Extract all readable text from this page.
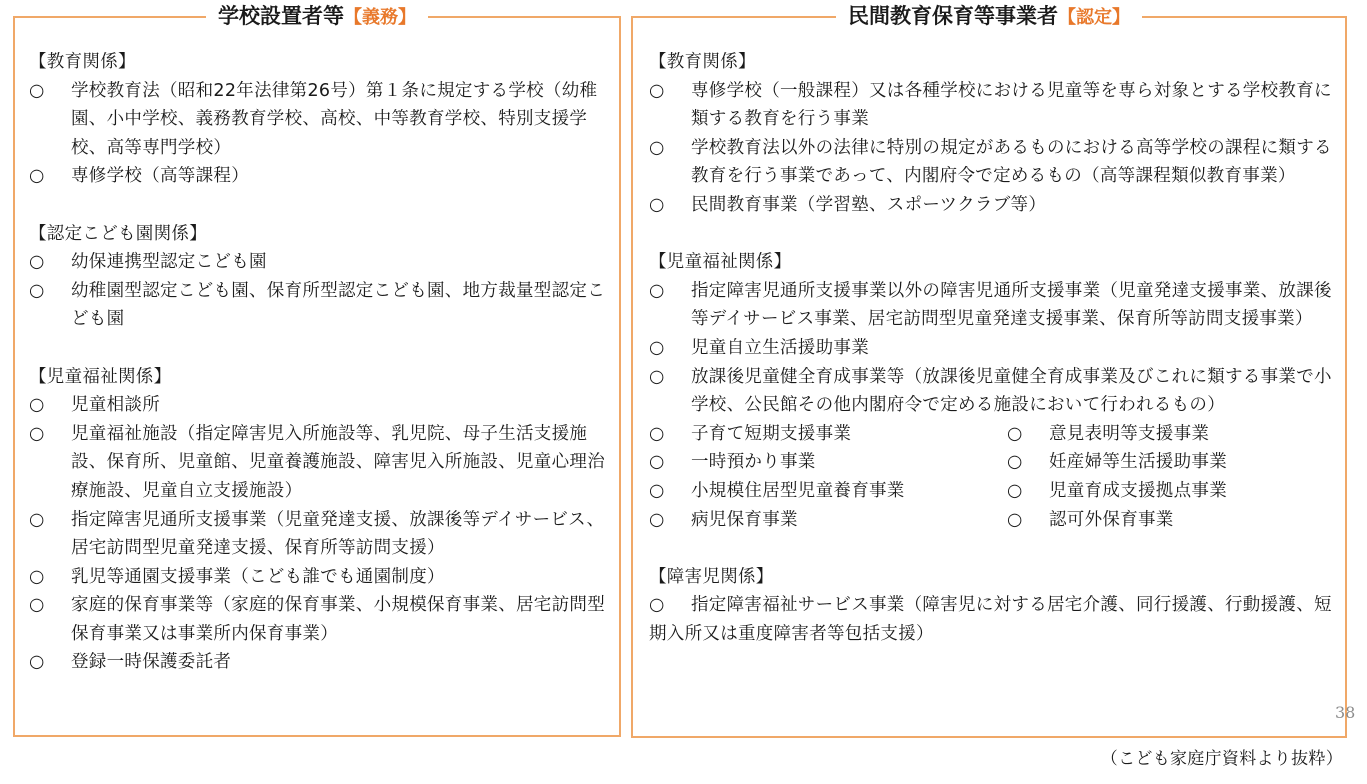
学校設置者等【義務】

【教育関係】

○ 学校教育法（昭和22年法律第26号）第１条に規定する学校（幼稚園、小中学校、義務教育学校、高校、中等教育学校、特別支援学校、高等専門学校）

○ 専修学校（高等課程）

【認定こども園関係】

○ 幼保連携型認定こども園

○ 幼稚園型認定こども園、保育所型認定こども園、地方裁量型認定こども園

【児童福祉関係】

○ 児童相談所

○ 児童福祉施設（指定障害児入所施設等、乳児院、母子生活支援施設、保育所、児童館、児童養護施設、障害児入所施設、児童心理治療施設、児童自立支援施設）

○ 指定障害児通所支援事業（児童発達支援、放課後等デイサービス、居宅訪問型児童発達支援、保育所等訪問支援）

○ 乳児等通園支援事業（こども誰でも通園制度）

○ 家庭的保育事業等（家庭的保育事業、小規模保育事業、居宅訪問型保育事業又は事業所内保育事業）

○ 登録一時保護委託者

民間教育保育等事業者【認定】

【教育関係】

○ 専修学校（一般課程）又は各種学校における児童等を専ら対象とする学校教育に類する教育を行う事業

○ 学校教育法以外の法律に特別の規定があるものにおける高等学校の課程に類する教育を行う事業であって、内閣府令で定めるもの（高等課程類似教育事業）

○ 民間教育事業（学習塾、スポーツクラブ等）

【児童福祉関係】

○ 指定障害児通所支援事業以外の障害児通所支援事業（児童発達支援事業、放課後等デイサービス事業、居宅訪問型児童発達支援事業、保育所等訪問支援事業）

○ 児童自立生活援助事業

○ 放課後児童健全育成事業等（放課後児童健全育成事業及びこれに類する事業で小学校、公民館その他内閣府令で定める施設において行われるもの）

○ 子育て短期支援事業

○ 一時預かり事業

○ 小規模住居型児童養育事業

○ 病児保育事業

○ 意見表明等支援事業

○ 妊産婦等生活援助事業

○ 児童育成支援拠点事業

○ 認可外保育事業

【障害児関係】

○ 指定障害福祉サービス事業（障害児に対する居宅介護、同行援護、行動援護、短期入所又は重度障害者等包括支援）

38
（こども家庭庁資料より抜粋）
